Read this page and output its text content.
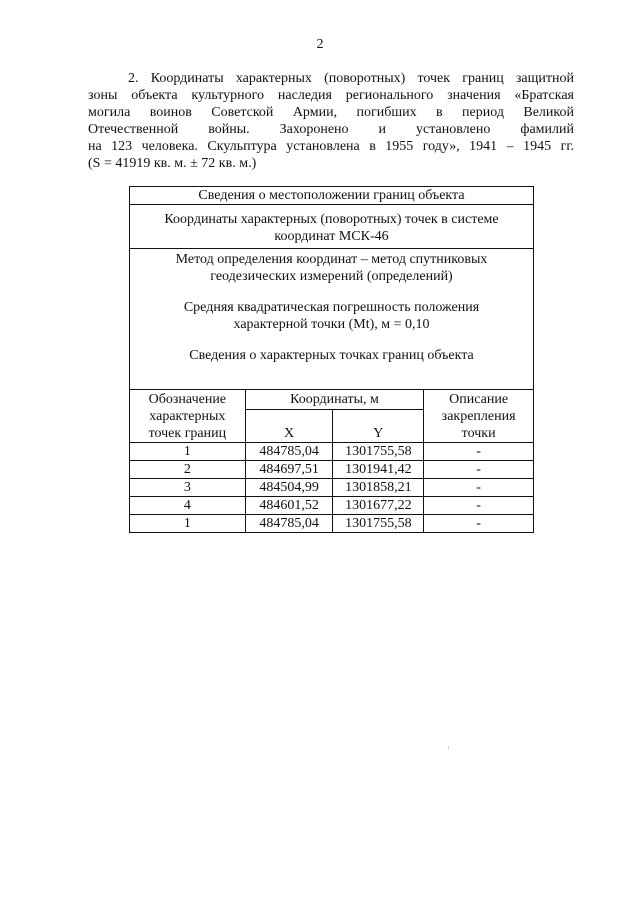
2
2. Координаты характерных (поворотных) точек границ защитной
зоны объекта культурного наследия регионального значения «Братская
могила воинов Советской Армии, погибших в период Великой
Отечественной войны. Захоронено и установлено фамилий
на 123 человека. Скульптура установлена в 1955 году», 1941 – 1945 гг.
(S = 41919 кв. м. ± 72 кв. м.)
Сведения о местоположении границ объекта			
Координаты характерных (поворотных) точек в системе координат МСК-46			

Метод определения координат – метод спутниковых
геодезических измерений (определений)
Средняя квадратическая погрешность положения
характерной точки (Mt), м = 0,10
Сведения о характерных точках границ объекта			

Обозначение
характерных
точек границ	Координаты, м		Описание
закрепления
точки

	X	Y	
1	484785,04	1301755,58	-
2	484697,51	1301941,42	-
3	484504,99	1301858,21	-
4	484601,52	1301677,22	-
1	484785,04	1301755,58	-
